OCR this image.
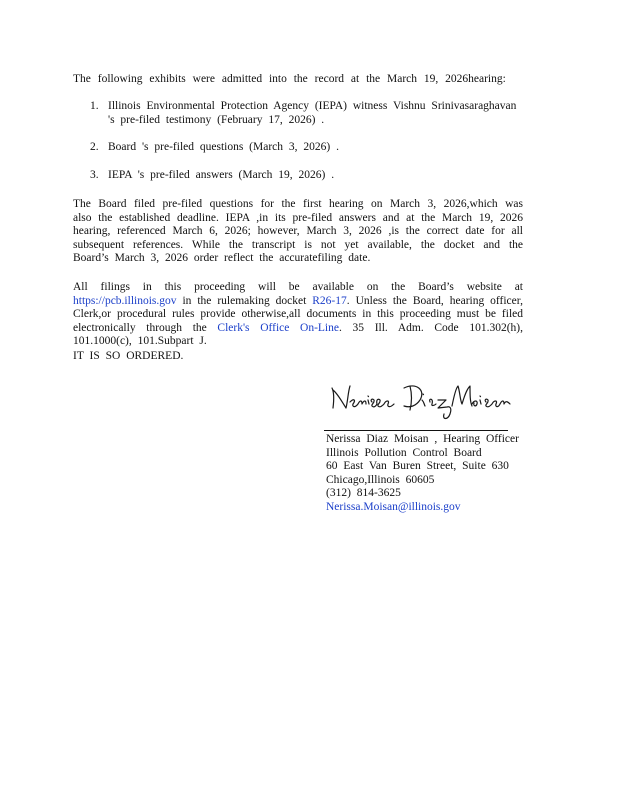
The following exhibits were admitted into the record at the March 19, 2026hearing:
1. Illinois Environmental Protection Agency (IEPA) witness Vishnu Srinivasaraghavan 's pre-filed testimony (February 17, 2026) .
2. Board 's pre-filed questions (March 3, 2026) .
3. IEPA 's pre-filed answers (March 19, 2026) .
The Board filed pre-filed questions for the first hearing on March 3, 2026,which was also the established deadline. IEPA ,in its pre-filed answers and at the March 19, 2026 hearing, referenced March 6, 2026; however, March 3, 2026 ,is the correct date for all subsequent references. While the transcript is not yet available, the docket and the Board’s March 3, 2026 order reflect the accuratefiling date.
All filings in this proceeding will be available on the Board’s website at https://pcb.illinois.gov in the rulemaking docket R26-17. Unless the Board, hearing officer, Clerk,or procedural rules provide otherwise,all documents in this proceeding must be filed electronically through the Clerk's Office On-Line. 35 Ill. Adm. Code 101.302(h), 101.1000(c), 101.Subpart J.
IT IS SO ORDERED.
Nerissa Diaz Moisan , Hearing Officer
Illinois Pollution Control Board
60 East Van Buren Street, Suite 630
Chicago,Illinois 60605
(312) 814-3625
Nerissa.Moisan@illinois.gov
